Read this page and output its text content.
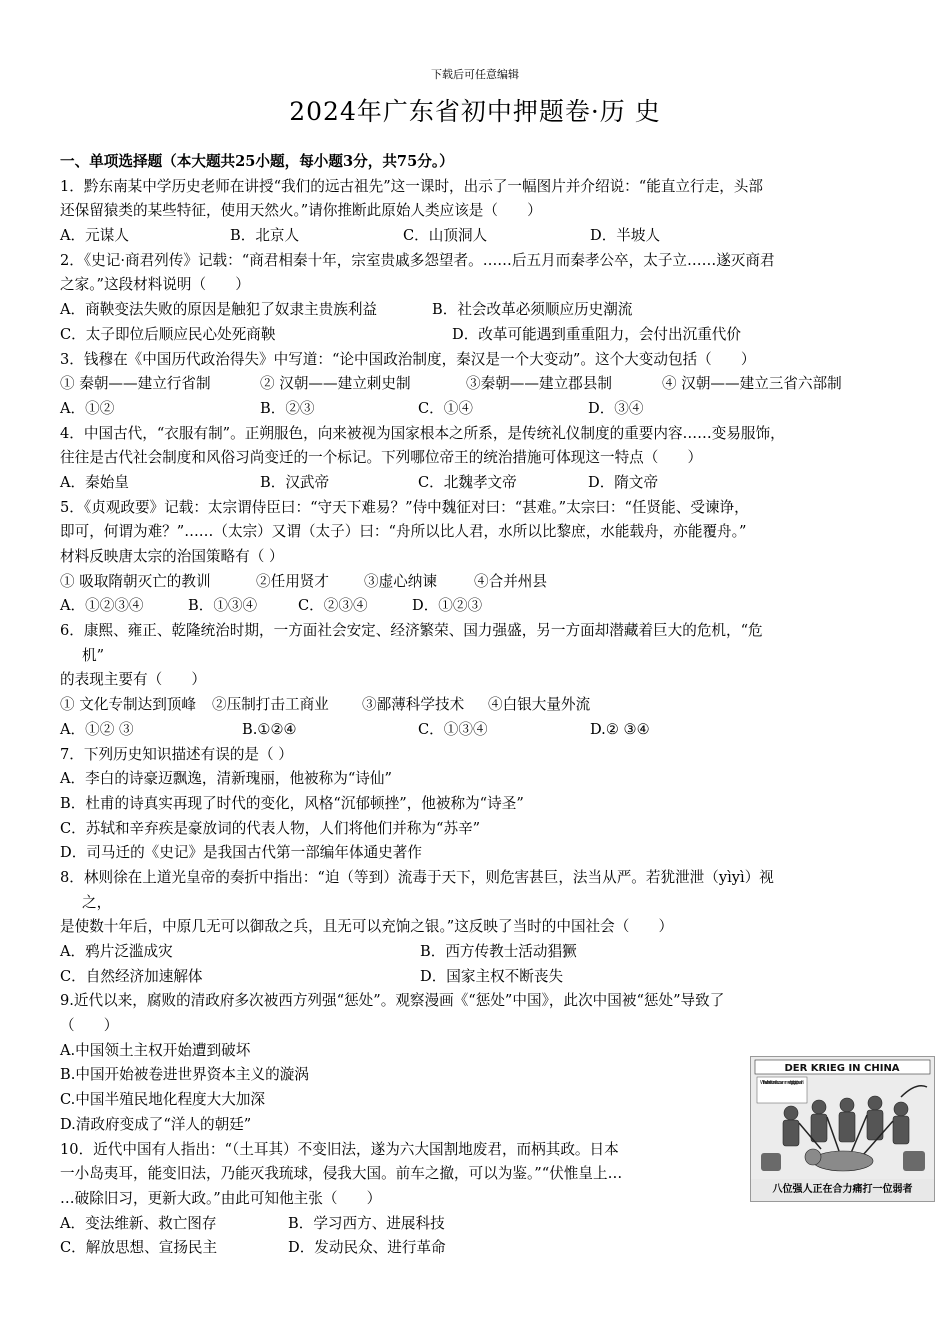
下载后可任意编辑
2024年广东省初中押题卷·历 史
一、单项选择题（本大题共25小题，每小题3分，共75分。）
1．黔东南某中学历史老师在讲授“我们的远古祖先”这一课时，出示了一幅图片并介绍说：“能直立行走，头部
还保留猿类的某些特征，使用天然火。”请你推断此原始人类应该是（　　）
A．元谋人	B．北京人	C．山顶洞人	D．半坡人
2．《史记·商君列传》记载：“商君相秦十年，宗室贵戚多怨望者。……后五月而秦孝公卒，太子立……遂灭商君
之家。”这段材料说明（　　）
A．商鞅变法失败的原因是触犯了奴隶主贵族利益	B．社会改革必须顺应历史潮流
C．太子即位后顺应民心处死商鞅	D．改革可能遇到重重阻力，会付出沉重代价
3．钱穆在《中国历代政治得失》中写道：“论中国政治制度，秦汉是一个大变动”。这个大变动包括（　　）
① 秦朝——建立行省制	② 汉朝——建立刺史制	③秦朝——建立郡县制	④ 汉朝——建立三省六部制
A．①②	B．②③	C．①④	D．③④
4．中国古代，“衣服有制”。正朔服色，向来被视为国家根本之所系，是传统礼仪制度的重要内容……变易服饰，
往往是古代社会制度和风俗习尚变迁的一个标记。下列哪位帝王的统治措施可体现这一特点（　　）
A．秦始皇	B．汉武帝	C．北魏孝文帝	D．隋文帝
5．《贞观政要》记载：太宗谓侍臣曰：“守天下难易？”侍中魏征对曰：“甚难。”太宗曰：“任贤能、受谏诤，
即可，何谓为难？”……（太宗）又谓（太子）曰：“舟所以比人君，水所以比黎庶，水能载舟，亦能覆舟。”
材料反映唐太宗的治国策略有（ ）
① 吸取隋朝灭亡的教训	②任用贤才	③虚心纳谏	④合并州县
A．①②③④	B．①③④	C．②③④	D．①②③
6．康熙、雍正、乾隆统治时期，一方面社会安定、经济繁荣、国力强盛，另一方面却潜藏着巨大的危机，“危
机”
的表现主要有（　　）
① 文化专制达到顶峰	②压制打击工商业	③鄙薄科学技术	④白银大量外流
A．①② ③	B.①②④	C．①③④	D.② ③④
7．下列历史知识描述有误的是（ ）
A．李白的诗豪迈飘逸，清新瑰丽，他被称为“诗仙”
B．杜甫的诗真实再现了时代的变化，风格“沉郁顿挫”，他被称为“诗圣”
C．苏轼和辛弃疾是豪放词的代表人物，人们将他们并称为“苏辛”
D．司马迁的《史记》是我国古代第一部编年体通史著作
8．林则徐在上道光皇帝的奏折中指出：“迫（等到）流毒于天下，则危害甚巨，法当从严。若犹泄泄（yìyì）视
之，
是使数十年后，中原几无可以御敌之兵，且无可以充饷之银。”这反映了当时的中国社会（　　）
A．鸦片泛滥成灾	B．西方传教士活动猖獗
C．自然经济加速解体	D．国家主权不断丧失
9.近代以来，腐败的清政府多次被西方列强“惩处”。观察漫画《“惩处”中国》，此次中国被“惩处”导致了
（　　）
A.中国领土主权开始遭到破坏
B.中国开始被卷进世界资本主义的漩涡
C.中国半殖民地化程度大大加深
D.清政府变成了“洋人的朝廷”
10．近代中国有人指出：“（土耳其）不变旧法，遂为六大国割地废君，而柄其政。日本
一小岛夷耳，能变旧法，乃能灭我琉球，侵我大国。前车之撤，可以为鉴。”“伏惟皇上…
…破除旧习，更新大政。”由此可知他主张（　　）
A．变法维新、救亡图存	B．学习西方、进展科技
C．解放思想、宣扬民主	D．发动民众、进行革命
DER KRIEG IN CHINA
Wir hau'n ihn fest und treu zusammen, hipp, hipp, hurrah!
八位强人正在合力痛打一位弱者
